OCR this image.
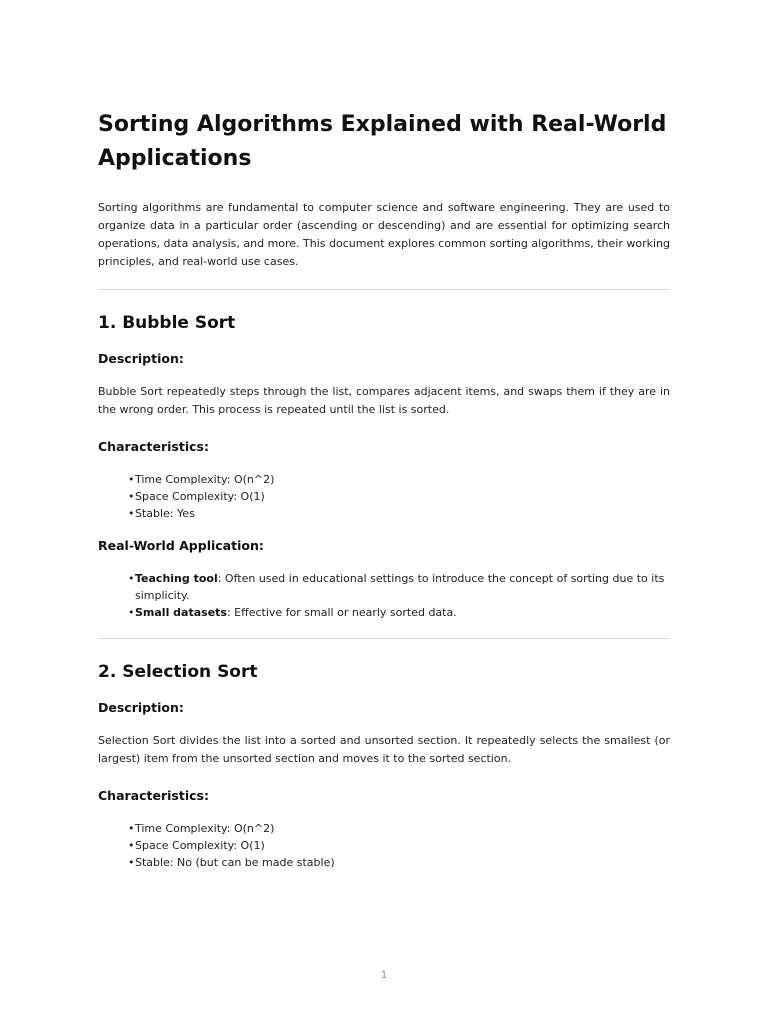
Sorting Algorithms Explained with Real-World Applications

Sorting algorithms are fundamental to computer science and software engineering. They are used to organize data in a particular order (ascending or descending) and are essential for optimizing search operations, data analysis, and more. This document explores common sorting algorithms, their working principles, and real-world use cases.

1. Bubble Sort
Description:

Bubble Sort repeatedly steps through the list, compares adjacent items, and swaps them if they are in the wrong order. This process is repeated until the list is sorted.

Characteristics:
•Time Complexity: O(n^2)
•Space Complexity: O(1)
•Stable: Yes
Real-World Application:
•Teaching tool: Often used in educational settings to introduce the concept of sorting due to its simplicity.
•Small datasets: Effective for small or nearly sorted data.
2. Selection Sort
Description:

Selection Sort divides the list into a sorted and unsorted section. It repeatedly selects the smallest (or largest) item from the unsorted section and moves it to the sorted section.

Characteristics:
•Time Complexity: O(n^2)
•Space Complexity: O(1)
•Stable: No (but can be made stable)
1
